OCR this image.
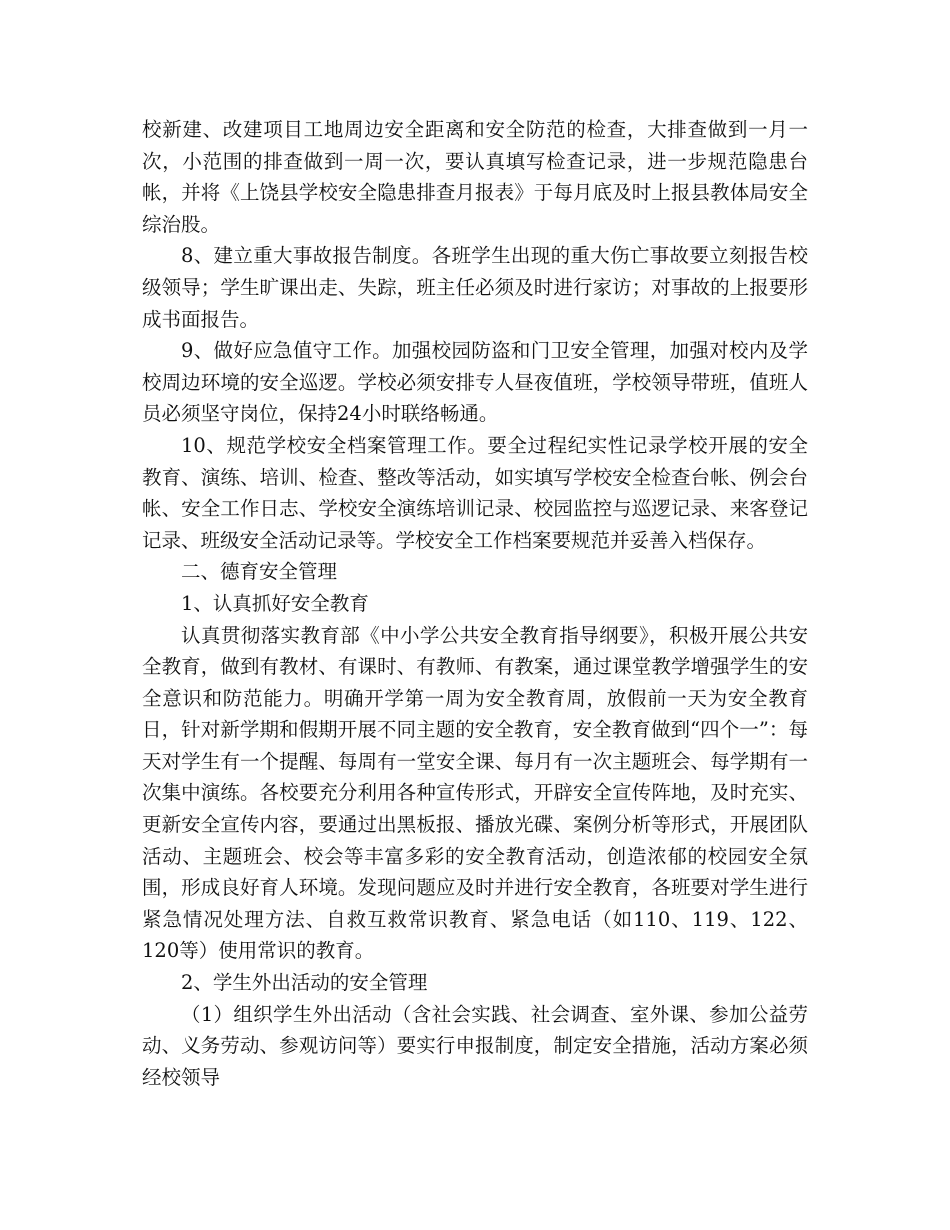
校新建、改建项目工地周边安全距离和安全防范的检查，大排查做到一月一次，小范围的排查做到一周一次，要认真填写检查记录，进一步规范隐患台帐，并将《上饶县学校安全隐患排查月报表》于每月底及时上报县教体局安全综治股。

8、建立重大事故报告制度。各班学生出现的重大伤亡事故要立刻报告校级领导；学生旷课出走、失踪，班主任必须及时进行家访；对事故的上报要形成书面报告。

9、做好应急值守工作。加强校园防盗和门卫安全管理，加强对校内及学校周边环境的安全巡逻。学校必须安排专人昼夜值班，学校领导带班，值班人员必须坚守岗位，保持24小时联络畅通。

10、规范学校安全档案管理工作。要全过程纪实性记录学校开展的安全教育、演练、培训、检查、整改等活动，如实填写学校安全检查台帐、例会台帐、安全工作日志、学校安全演练培训记录、校园监控与巡逻记录、来客登记记录、班级安全活动记录等。学校安全工作档案要规范并妥善入档保存。

二、德育安全管理

1、认真抓好安全教育

认真贯彻落实教育部《中小学公共安全教育指导纲要》，积极开展公共安全教育，做到有教材、有课时、有教师、有教案，通过课堂教学增强学生的安全意识和防范能力。明确开学第一周为安全教育周，放假前一天为安全教育日，针对新学期和假期开展不同主题的安全教育，安全教育做到“四个一”：每天对学生有一个提醒、每周有一堂安全课、每月有一次主题班会、每学期有一次集中演练。各校要充分利用各种宣传形式，开辟安全宣传阵地，及时充实、更新安全宣传内容，要通过出黑板报、播放光碟、案例分析等形式，开展团队活动、主题班会、校会等丰富多彩的安全教育活动，创造浓郁的校园安全氛围，形成良好育人环境。发现问题应及时并进行安全教育，各班要对学生进行紧急情况处理方法、自救互救常识教育、紧急电话（如110、119、122、120等）使用常识的教育。

2、学生外出活动的安全管理

（1）组织学生外出活动（含社会实践、社会调查、室外课、参加公益劳动、义务劳动、参观访问等）要实行申报制度，制定安全措施，活动方案必须经校领导
